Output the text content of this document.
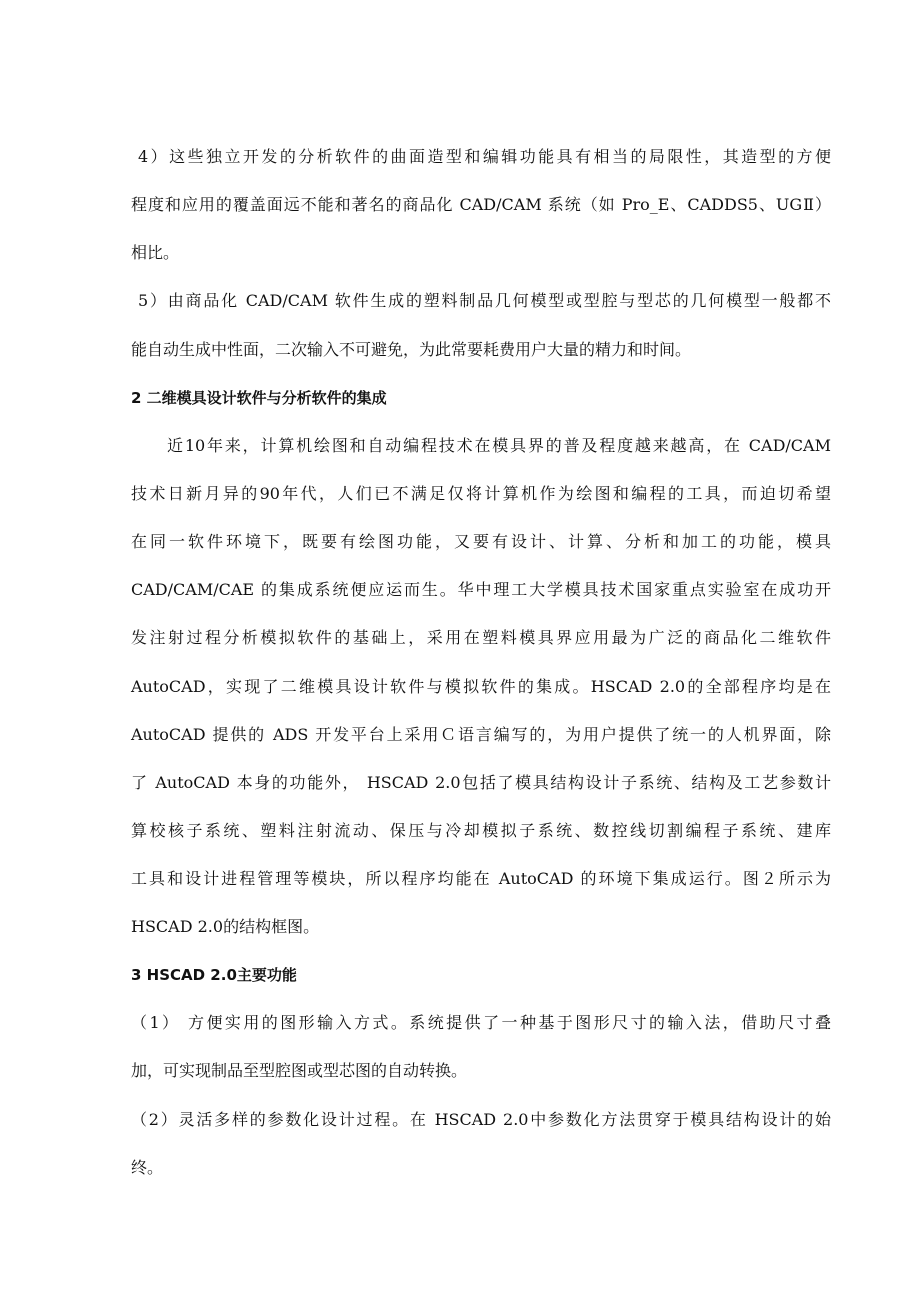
4）这些独立开发的分析软件的曲面造型和编辑功能具有相当的局限性，其造型的方便
程度和应用的覆盖面远不能和著名的商品化 CAD/CAM 系统（如 Pro_E、CADDS5、UGⅡ）
相比。
5）由商品化 CAD/CAM 软件生成的塑料制品几何模型或型腔与型芯的几何模型一般都不
能自动生成中性面，二次输入不可避免，为此常要耗费用户大量的精力和时间。
2 二维模具设计软件与分析软件的集成
近10年来，计算机绘图和自动编程技术在模具界的普及程度越来越高，在 CAD/CAM
技术日新月异的90年代，人们已不满足仅将计算机作为绘图和编程的工具，而迫切希望
在同一软件环境下，既要有绘图功能，又要有设计、计算、分析和加工的功能，模具
CAD/CAM/CAE 的集成系统便应运而生。华中理工大学模具技术国家重点实验室在成功开
发注射过程分析模拟软件的基础上，采用在塑料模具界应用最为广泛的商品化二维软件
AutoCAD，实现了二维模具设计软件与模拟软件的集成。HSCAD 2.0的全部程序均是在
AutoCAD 提供的 ADS 开发平台上采用Ｃ语言编写的，为用户提供了统一的人机界面，除
了 AutoCAD 本身的功能外， HSCAD 2.0包括了模具结构设计子系统、结构及工艺参数计
算校核子系统、塑料注射流动、保压与冷却模拟子系统、数控线切割编程子系统、建库
工具和设计进程管理等模块，所以程序均能在 AutoCAD 的环境下集成运行。图２所示为
HSCAD 2.0的结构框图。
3 HSCAD 2.0主要功能
（1） 方便实用的图形输入方式。系统提供了一种基于图形尺寸的输入法，借助尺寸叠
加，可实现制品至型腔图或型芯图的自动转换。
（2）灵活多样的参数化设计过程。在 HSCAD 2.0中参数化方法贯穿于模具结构设计的始
终。
